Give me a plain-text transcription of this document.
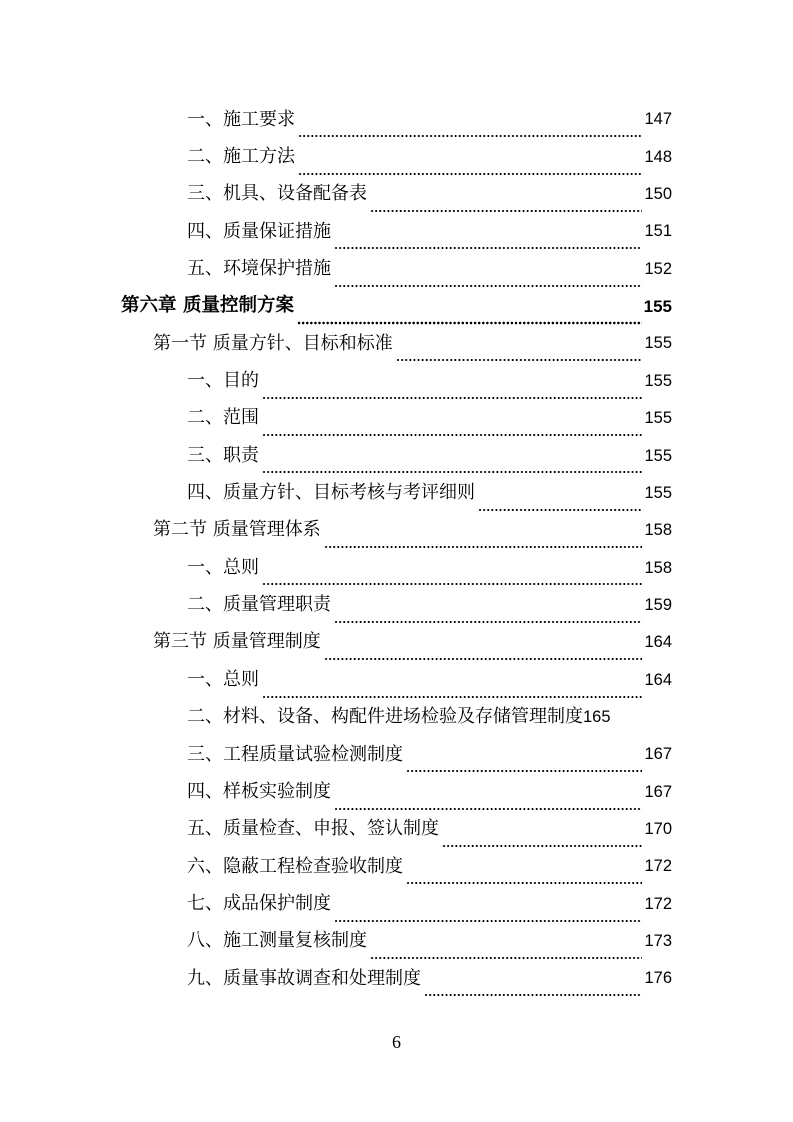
一、施工要求	147
二、施工方法	148
三、机具、设备配备表	150
四、质量保证措施	151
五、环境保护措施	152
第六章 质量控制方案	155
第一节 质量方针、目标和标准	155
一、目的	155
二、范围	155
三、职责	155
四、质量方针、目标考核与考评细则	155
第二节 质量管理体系	158
一、总则	158
二、质量管理职责	159
第三节 质量管理制度	164
一、总则	164
二、材料、设备、构配件进场检验及存储管理制度 165
三、工程质量试验检测制度	167
四、样板实验制度	167
五、质量检查、申报、签认制度	170
六、隐蔽工程检查验收制度	172
七、成品保护制度	172
八、施工测量复核制度	173
九、质量事故调查和处理制度	176
6
